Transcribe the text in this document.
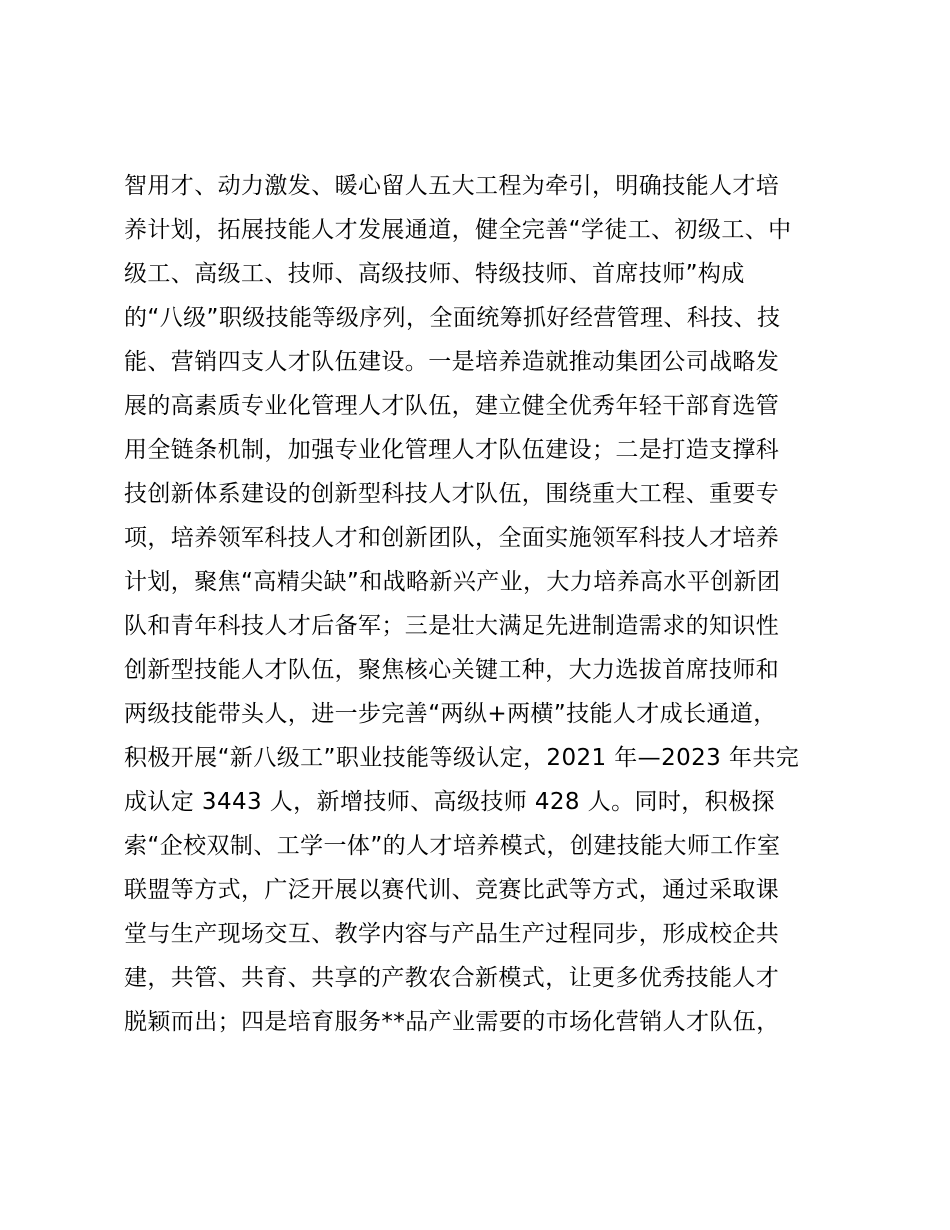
智用才、动力激发、暖心留人五大工程为牵引，明确技能人才培
养计划，拓展技能人才发展通道，健全完善“学徒工、初级工、中
级工、高级工、技师、高级技师、特级技师、首席技师”构成
的“八级”职级技能等级序列，全面统筹抓好经营管理、科技、技
能、营销四支人才队伍建设。一是培养造就推动集团公司战略发
展的高素质专业化管理人才队伍，建立健全优秀年轻干部育选管
用全链条机制，加强专业化管理人才队伍建设；二是打造支撑科
技创新体系建设的创新型科技人才队伍，围绕重大工程、重要专
项，培养领军科技人才和创新团队，全面实施领军科技人才培养
计划，聚焦“高精尖缺”和战略新兴产业，大力培养高水平创新团
队和青年科技人才后备军；三是壮大满足先进制造需求的知识性
创新型技能人才队伍，聚焦核心关键工种，大力选拔首席技师和
两级技能带头人，进一步完善“两纵+两横”技能人才成长通道，
积极开展“新八级工”职业技能等级认定，2021 年—2023 年共完
成认定 3443 人，新增技师、高级技师 428 人。同时，积极探
索“企校双制、工学一体”的人才培养模式，创建技能大师工作室
联盟等方式，广泛开展以赛代训、竞赛比武等方式，通过采取课
堂与生产现场交互、教学内容与产品生产过程同步，形成校企共
建，共管、共育、共享的产教农合新模式，让更多优秀技能人才
脱颖而出；四是培育服务**品产业需要的市场化营销人才队伍，
